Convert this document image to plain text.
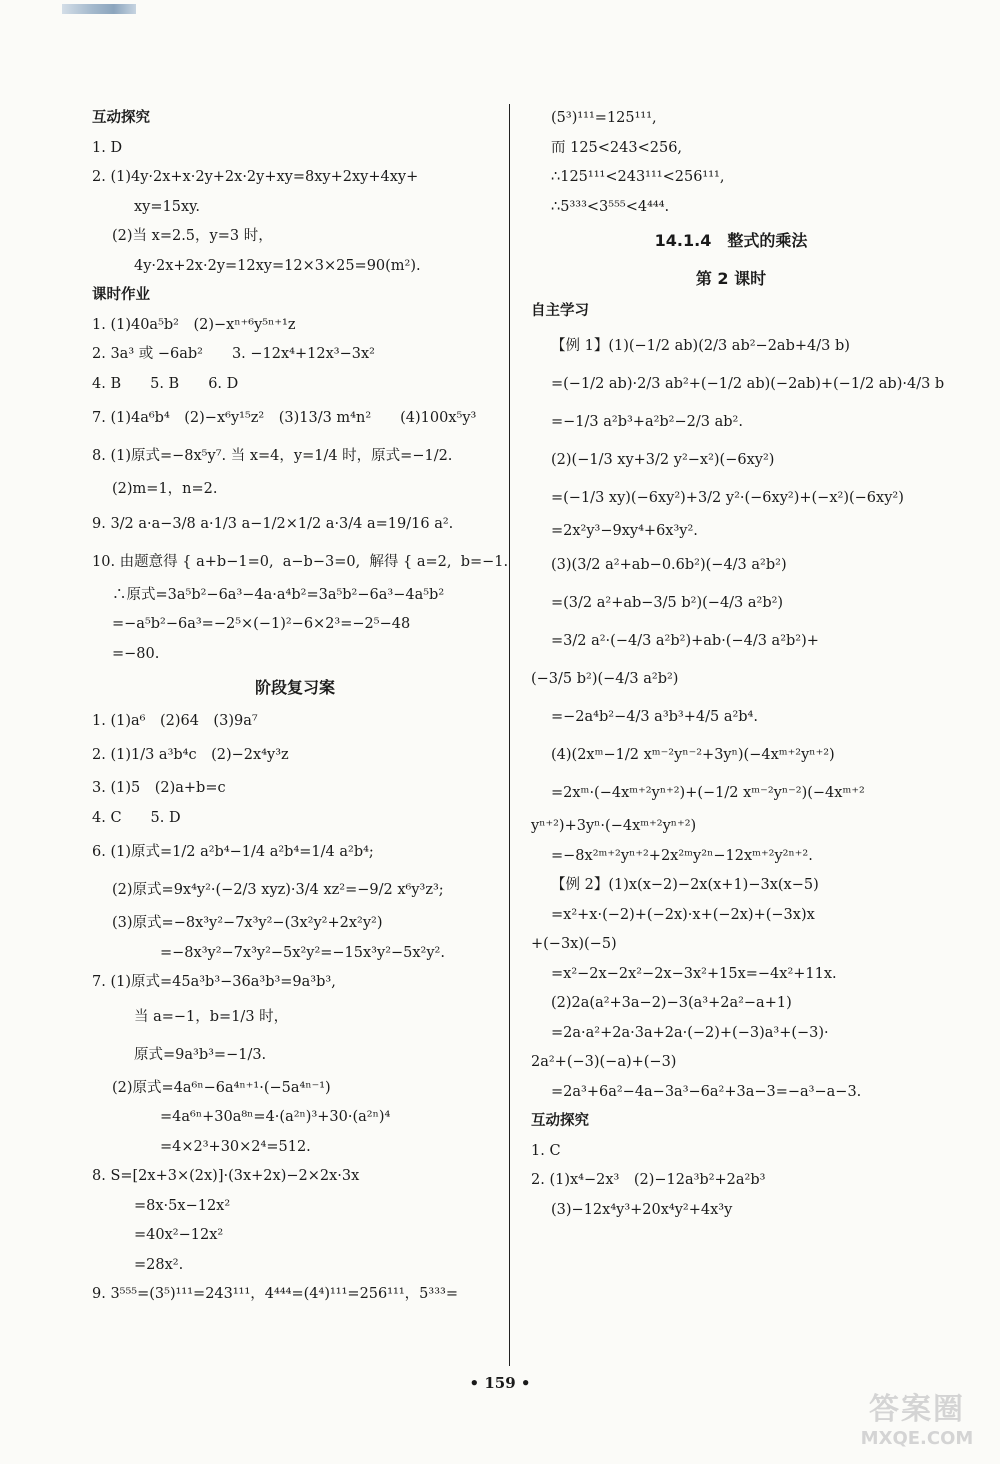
互动探究
1. D
2. (1)4y·2x+x·2y+2x·2y+xy=8xy+2xy+4xy+
xy=15xy.
(2)当 x=2.5，y=3 时，
4y·2x+2x·2y=12xy=12×3×25=90(m²).
课时作业
1. (1)40a⁵b²　(2)−xⁿ⁺⁶y⁵ⁿ⁺¹z
2. 3a³ 或 −6ab²　　3. −12x⁴+12x³−3x²
4. B　　5. B　　6. D
7. (1)4a⁶b⁴　(2)−x⁶y¹⁵z²　(3)13/3 m⁴n²　　(4)100x⁵y³
8. (1)原式=−8x⁵y⁷. 当 x=4，y=1/4 时，原式=−1/2.
(2)m=1，n=2.
9. 3/2 a·a−3/8 a·1/3 a−1/2×1/2 a·3/4 a=19/16 a².
10. 由题意得 { a+b−1=0,  a−b−3=0,  解得 { a=2,  b=−1.
∴原式=3a⁵b²−6a³−4a·a⁴b²=3a⁵b²−6a³−4a⁵b²
=−a⁵b²−6a³=−2⁵×(−1)²−6×2³=−2⁵−48
=−80.
阶段复习案
1. (1)a⁶　(2)64　(3)9a⁷
2. (1)1/3 a³b⁴c　(2)−2x⁴y³z
3. (1)5　(2)a+b=c
4. C　　5. D
6. (1)原式=1/2 a²b⁴−1/4 a²b⁴=1/4 a²b⁴;
(2)原式=9x⁴y²·(−2/3 xyz)·3/4 xz²=−9/2 x⁶y³z³;
(3)原式=−8x³y²−7x³y²−(3x²y²+2x²y²)
=−8x³y²−7x³y²−5x²y²=−15x³y²−5x²y².
7. (1)原式=45a³b³−36a³b³=9a³b³,
当 a=−1，b=1/3 时，
原式=9a³b³=−1/3.
(2)原式=4a⁶ⁿ−6a⁴ⁿ⁺¹·(−5a⁴ⁿ⁻¹)
=4a⁶ⁿ+30a⁸ⁿ=4·(a²ⁿ)³+30·(a²ⁿ)⁴
=4×2³+30×2⁴=512.
8. S=[2x+3×(2x)]·(3x+2x)−2×2x·3x
=8x·5x−12x²
=40x²−12x²
=28x².
9. 3⁵⁵⁵=(3⁵)¹¹¹=243¹¹¹，4⁴⁴⁴=(4⁴)¹¹¹=256¹¹¹，5³³³=
(5³)¹¹¹=125¹¹¹,
而 125<243<256,
∴125¹¹¹<243¹¹¹<256¹¹¹,
∴5³³³<3⁵⁵⁵<4⁴⁴⁴.
14.1.4　整式的乘法
第 2 课时
自主学习
【例 1】(1)(−1/2 ab)(2/3 ab²−2ab+4/3 b)
=(−1/2 ab)·2/3 ab²+(−1/2 ab)(−2ab)+(−1/2 ab)·4/3 b
=−1/3 a²b³+a²b²−2/3 ab².
(2)(−1/3 xy+3/2 y²−x²)(−6xy²)
=(−1/3 xy)(−6xy²)+3/2 y²·(−6xy²)+(−x²)(−6xy²)
=2x²y³−9xy⁴+6x³y².
(3)(3/2 a²+ab−0.6b²)(−4/3 a²b²)
=(3/2 a²+ab−3/5 b²)(−4/3 a²b²)
=3/2 a²·(−4/3 a²b²)+ab·(−4/3 a²b²)+
(−3/5 b²)(−4/3 a²b²)
=−2a⁴b²−4/3 a³b³+4/5 a²b⁴.
(4)(2xᵐ−1/2 xᵐ⁻²yⁿ⁻²+3yⁿ)(−4xᵐ⁺²yⁿ⁺²)
=2xᵐ·(−4xᵐ⁺²yⁿ⁺²)+(−1/2 xᵐ⁻²yⁿ⁻²)(−4xᵐ⁺²
yⁿ⁺²)+3yⁿ·(−4xᵐ⁺²yⁿ⁺²)
=−8x²ᵐ⁺²yⁿ⁺²+2x²ᵐy²ⁿ−12xᵐ⁺²y²ⁿ⁺².
【例 2】(1)x(x−2)−2x(x+1)−3x(x−5)
=x²+x·(−2)+(−2x)·x+(−2x)+(−3x)x
+(−3x)(−5)
=x²−2x−2x²−2x−3x²+15x=−4x²+11x.
(2)2a(a²+3a−2)−3(a³+2a²−a+1)
=2a·a²+2a·3a+2a·(−2)+(−3)a³+(−3)·
2a²+(−3)(−a)+(−3)
=2a³+6a²−4a−3a³−6a²+3a−3=−a³−a−3.
互动探究
1. C
2. (1)x⁴−2x³　(2)−12a³b²+2a²b³
(3)−12x⁴y³+20x⁴y²+4x³y
• 159 •
答案圈
MXQE.COM
